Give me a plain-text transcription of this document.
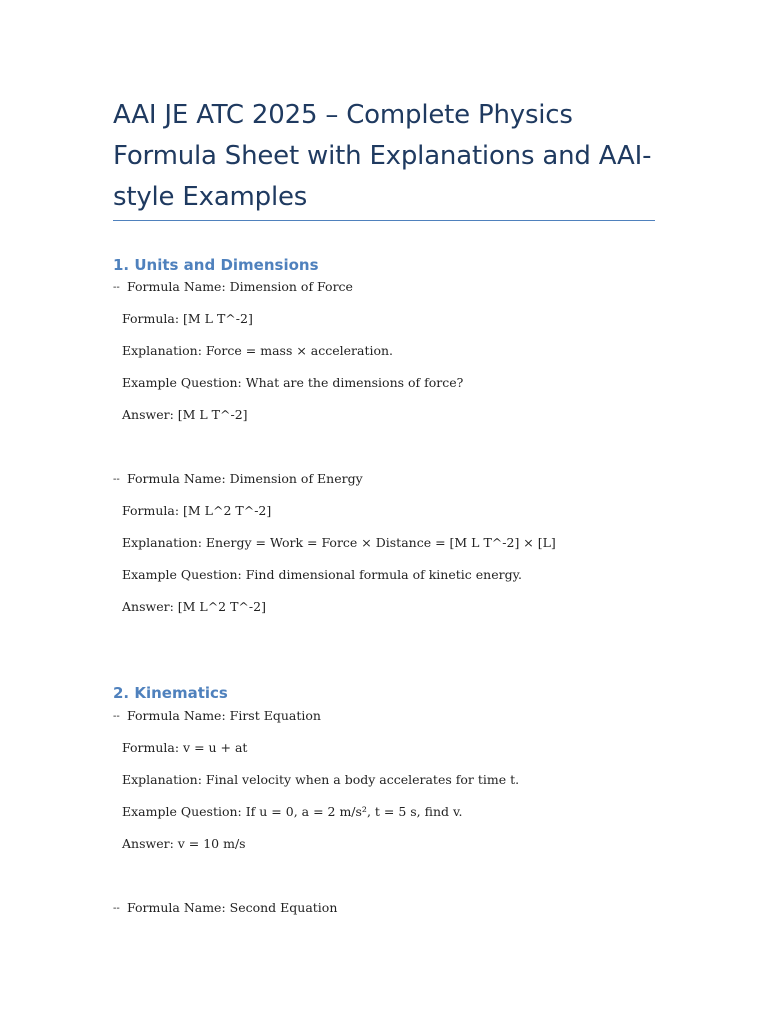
AAI JE ATC 2025 – Complete Physics Formula Sheet with Explanations and AAI-style Examples
1. Units and Dimensions

-- Formula Name: Dimension of Force

Formula: [M L T^-2]

Explanation: Force = mass × acceleration.

Example Question: What are the dimensions of force?

Answer: [M L T^-2]

-- Formula Name: Dimension of Energy

Formula: [M L^2 T^-2]

Explanation: Energy = Work = Force × Distance = [M L T^-2] × [L]

Example Question: Find dimensional formula of kinetic energy.

Answer: [M L^2 T^-2]

2. Kinematics

-- Formula Name: First Equation

Formula: v = u + at

Explanation: Final velocity when a body accelerates for time t.

Example Question: If u = 0, a = 2 m/s², t = 5 s, find v.

Answer: v = 10 m/s

-- Formula Name: Second Equation
